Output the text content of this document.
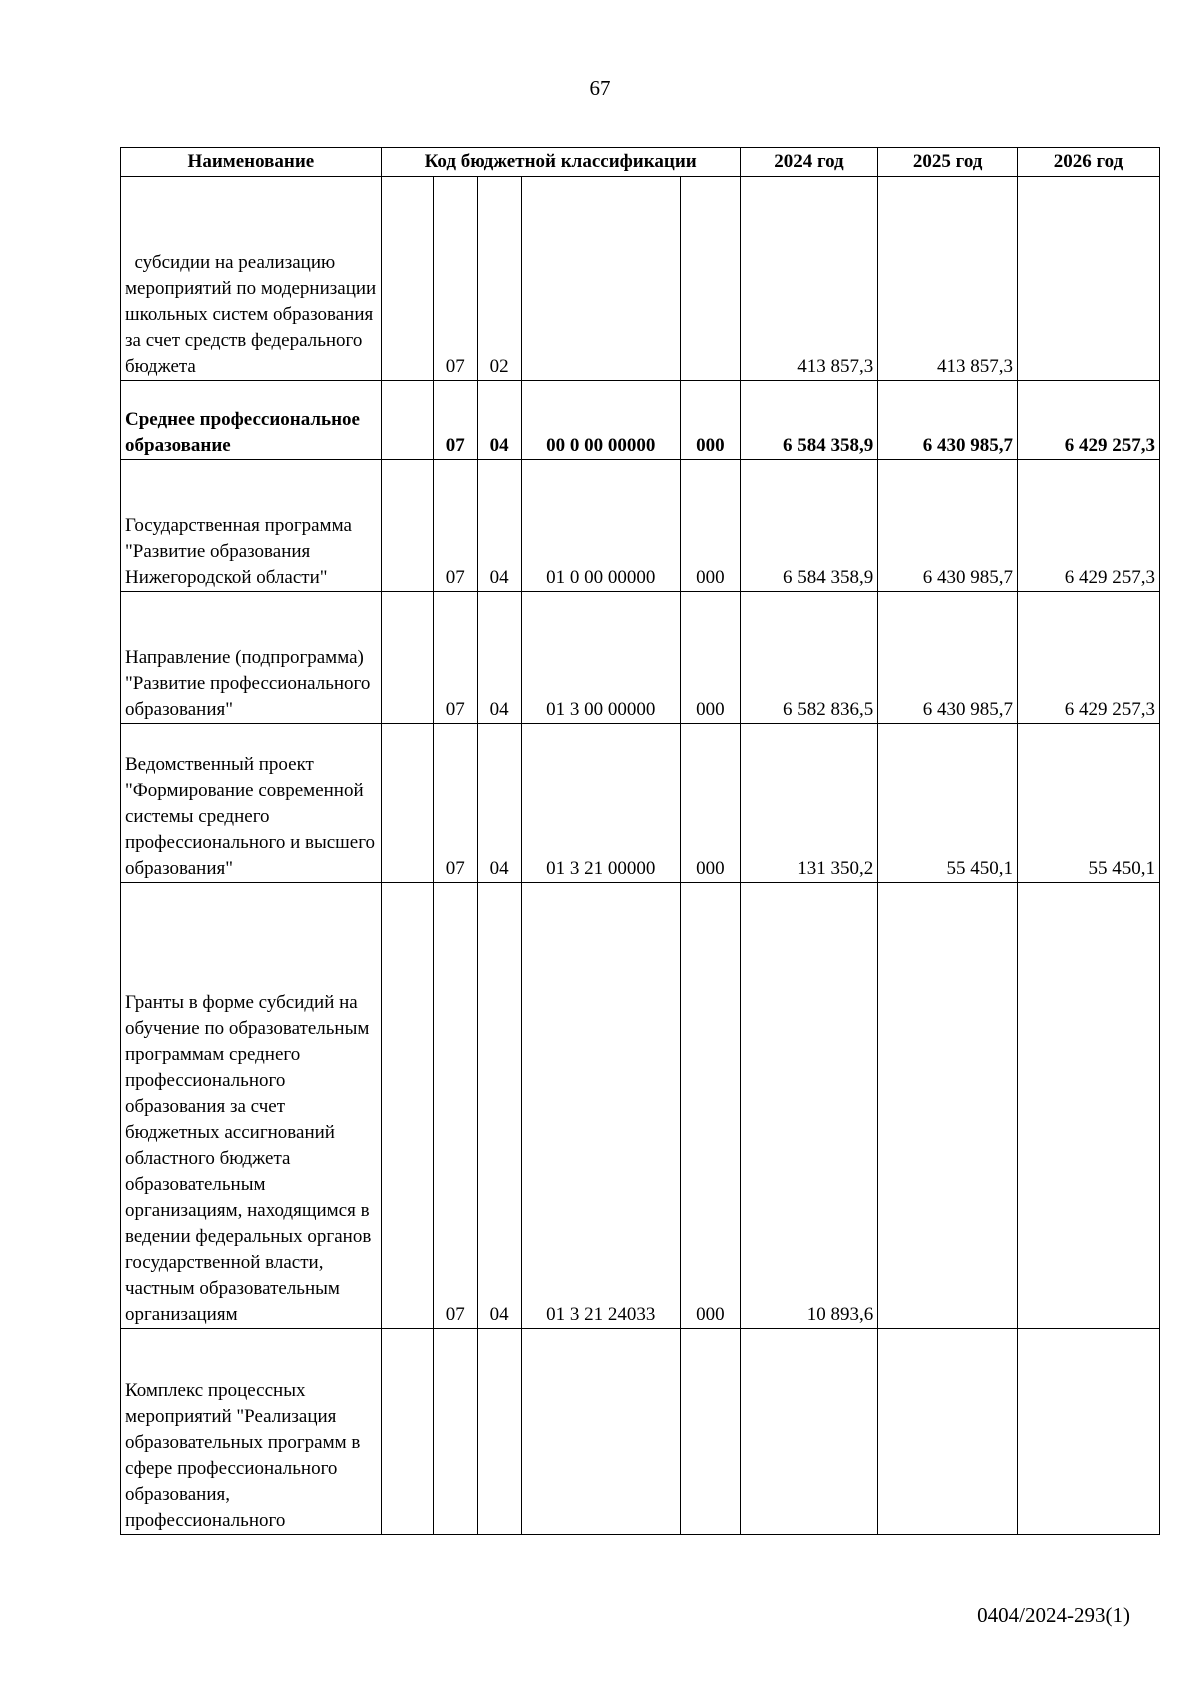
67
Наименование	Код бюджетной классификации					2024 год	2025 год	2026 год
субсидии на реализацию мероприятий по модернизации школьных систем образования за счет средств федерального бюджета		07	02			413 857,3	413 857,3	
Среднее профессиональное образование		07	04	00 0 00 00000	000	6 584 358,9	6 430 985,7	6 429 257,3
Государственная программа "Развитие образования Нижегородской области"		07	04	01 0 00 00000	000	6 584 358,9	6 430 985,7	6 429 257,3
Направление (подпрограмма) "Развитие профессионального образования"		07	04	01 3 00 00000	000	6 582 836,5	6 430 985,7	6 429 257,3
Ведомственный проект "Формирование современной системы среднего профессионального и высшего образования"		07	04	01 3 21 00000	000	131 350,2	55 450,1	55 450,1
Гранты в форме субсидий на обучение по образовательным программам среднего профессионального образования за счет бюджетных ассигнований областного бюджета образовательным организациям, находящимся в ведении федеральных органов государственной власти, частным образовательным организациям		07	04	01 3 21 24033	000	10 893,6		
Комплекс процессных мероприятий "Реализация образовательных программ в сфере профессионального образования, профессионального								
0404/2024-293(1)
